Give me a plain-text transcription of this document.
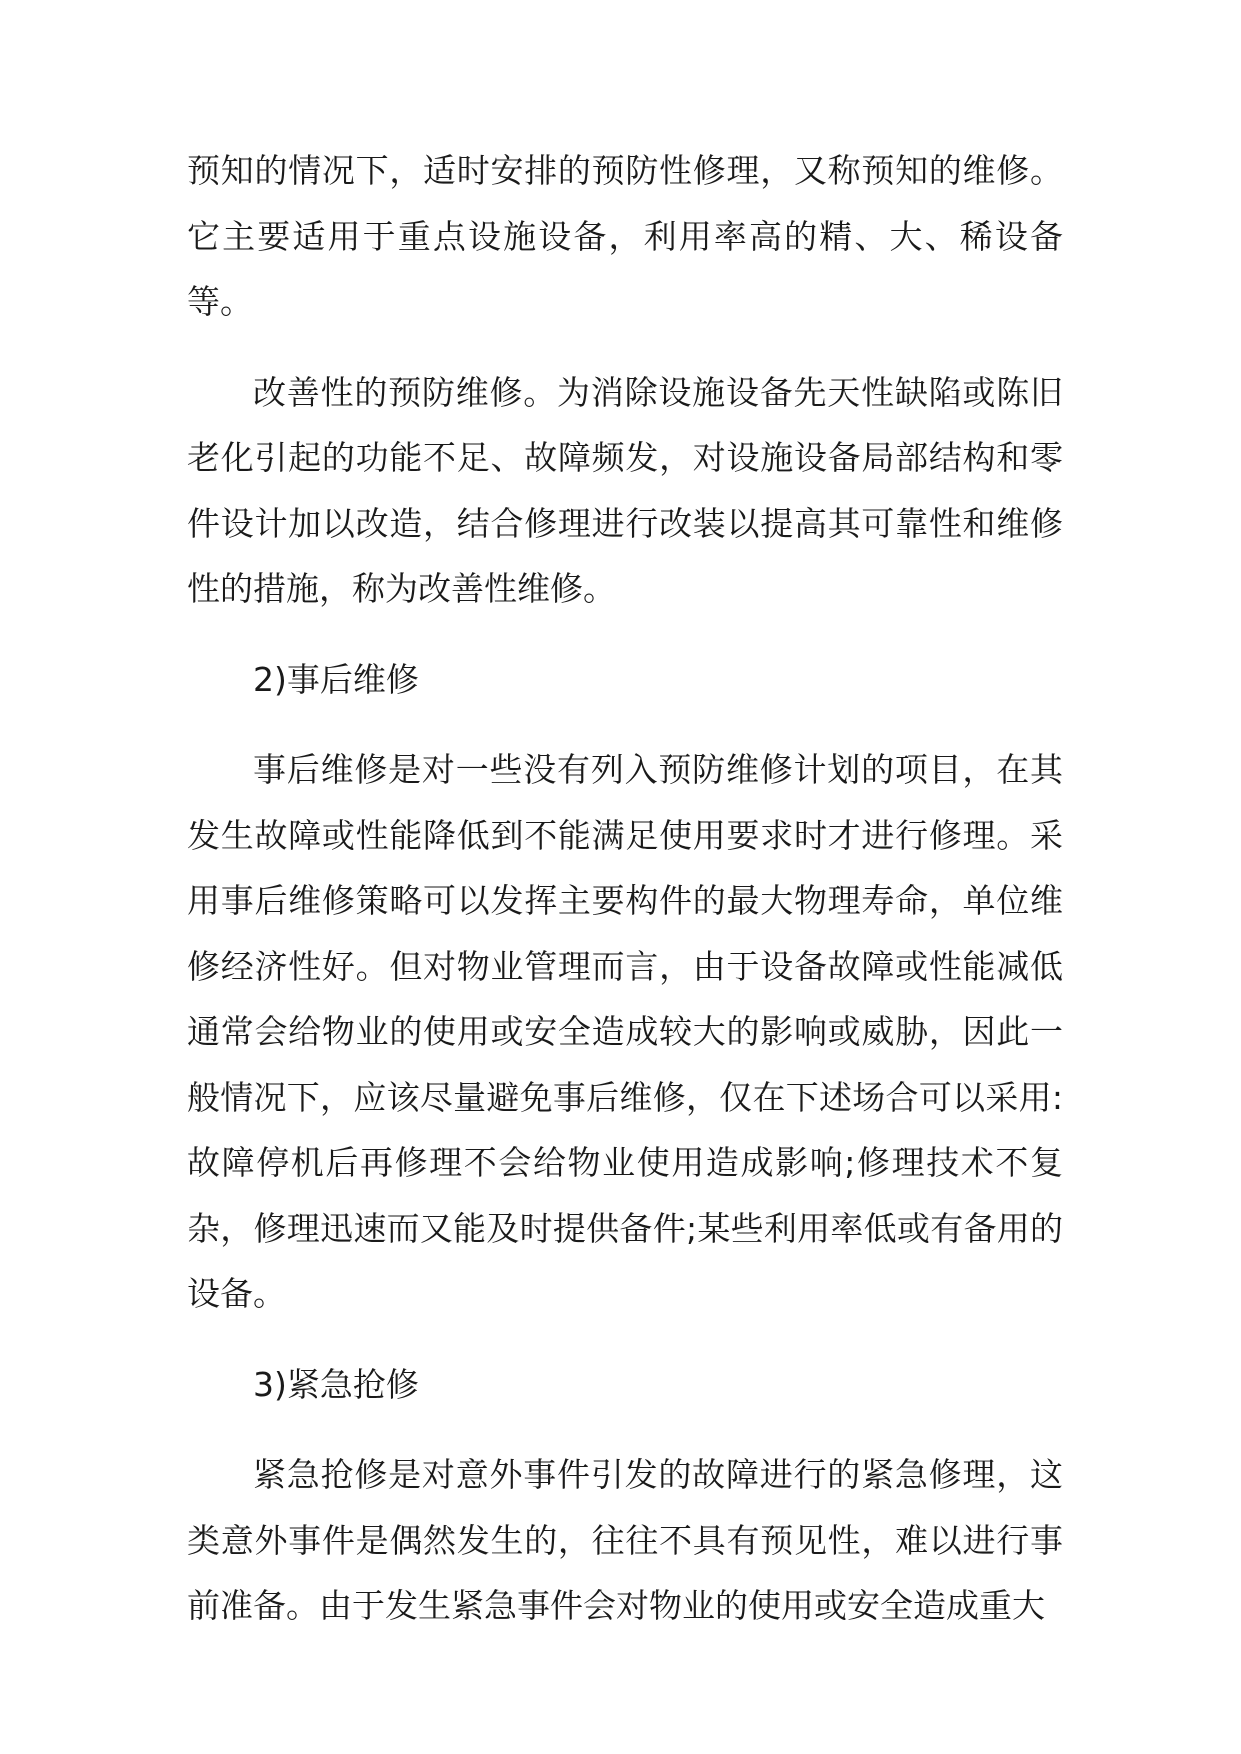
预知的情况下，适时安排的预防性修理，又称预知的维修。它主要适用于重点设施设备，利用率高的精、大、稀设备等。

改善性的预防维修。为消除设施设备先天性缺陷或陈旧老化引起的功能不足、故障频发，对设施设备局部结构和零件设计加以改造，结合修理进行改装以提高其可靠性和维修性的措施，称为改善性维修。

2)事后维修

事后维修是对一些没有列入预防维修计划的项目，在其发生故障或性能降低到不能满足使用要求时才进行修理。采用事后维修策略可以发挥主要构件的最大物理寿命，单位维修经济性好。但对物业管理而言，由于设备故障或性能减低通常会给物业的使用或安全造成较大的影响或威胁，因此一般情况下，应该尽量避免事后维修，仅在下述场合可以采用:故障停机后再修理不会给物业使用造成影响;修理技术不复杂，修理迅速而又能及时提供备件;某些利用率低或有备用的设备。

3)紧急抢修

紧急抢修是对意外事件引发的故障进行的紧急修理，这类意外事件是偶然发生的，往往不具有预见性，难以进行事前准备。由于发生紧急事件会对物业的使用或安全造成重大
